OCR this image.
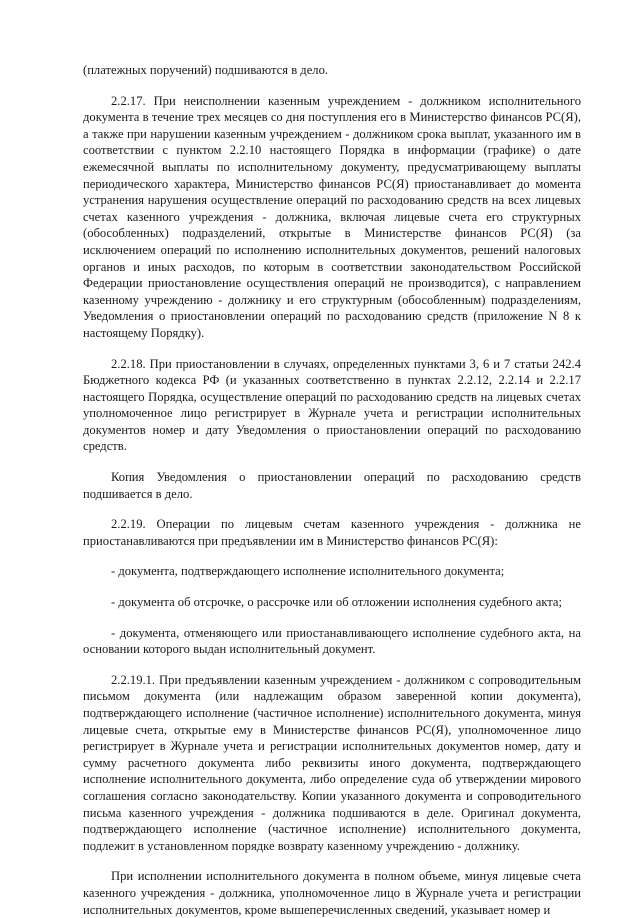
(платежных поручений) подшиваются в дело.

2.2.17. При неисполнении казенным учреждением - должником исполнительного документа в течение трех месяцев со дня поступления его в Министерство финансов РС(Я), а также при нарушении казенным учреждением - должником срока выплат, указанного им в соответствии с пунктом 2.2.10 настоящего Порядка в информации (графике) о дате ежемесячной выплаты по исполнительному документу, предусматривающему выплаты периодического характера, Министерство финансов РС(Я) приостанавливает до момента устранения нарушения осуществление операций по расходованию средств на всех лицевых счетах казенного учреждения - должника, включая лицевые счета его структурных (обособленных) подразделений, открытые в Министерстве финансов РС(Я) (за исключением операций по исполнению исполнительных документов, решений налоговых органов и иных расходов, по которым в соответствии законодательством Российской Федерации приостановление осуществления операций не производится), с направлением казенному учреждению - должнику и его структурным (обособленным) подразделениям, Уведомления о приостановлении операций по расходованию средств (приложение N 8 к настоящему Порядку).

2.2.18. При приостановлении в случаях, определенных пунктами 3, 6 и 7 статьи 242.4 Бюджетного кодекса РФ (и указанных соответственно в пунктах 2.2.12, 2.2.14 и 2.2.17 настоящего Порядка, осуществление операций по расходованию средств на лицевых счетах уполномоченное лицо регистрирует в Журнале учета и регистрации исполнительных документов номер и дату Уведомления о приостановлении операций по расходованию средств.

Копия Уведомления о приостановлении операций по расходованию средств подшивается в дело.

2.2.19. Операции по лицевым счетам казенного учреждения - должника не приостанавливаются при предъявлении им в Министерство финансов РС(Я):

- документа, подтверждающего исполнение исполнительного документа;

- документа об отсрочке, о рассрочке или об отложении исполнения судебного акта;

- документа, отменяющего или приостанавливающего исполнение судебного акта, на основании которого выдан исполнительный документ.

2.2.19.1. При предъявлении казенным учреждением - должником с сопроводительным письмом документа (или надлежащим образом заверенной копии документа), подтверждающего исполнение (частичное исполнение) исполнительного документа, минуя лицевые счета, открытые ему в Министерстве финансов РС(Я), уполномоченное лицо регистрирует в Журнале учета и регистрации исполнительных документов номер, дату и сумму расчетного документа либо реквизиты иного документа, подтверждающего исполнение исполнительного документа, либо определение суда об утверждении мирового соглашения согласно законодательству. Копии указанного документа и сопроводительного письма казенного учреждения - должника подшиваются в деле. Оригинал документа, подтверждающего исполнение (частичное исполнение) исполнительного документа, подлежит в установленном порядке возврату казенному учреждению - должнику.

При исполнении исполнительного документа в полном объеме, минуя лицевые счета казенного учреждения - должника, уполномоченное лицо в Журнале учета и регистрации исполнительных документов, кроме вышеперечисленных сведений, указывает номер и
